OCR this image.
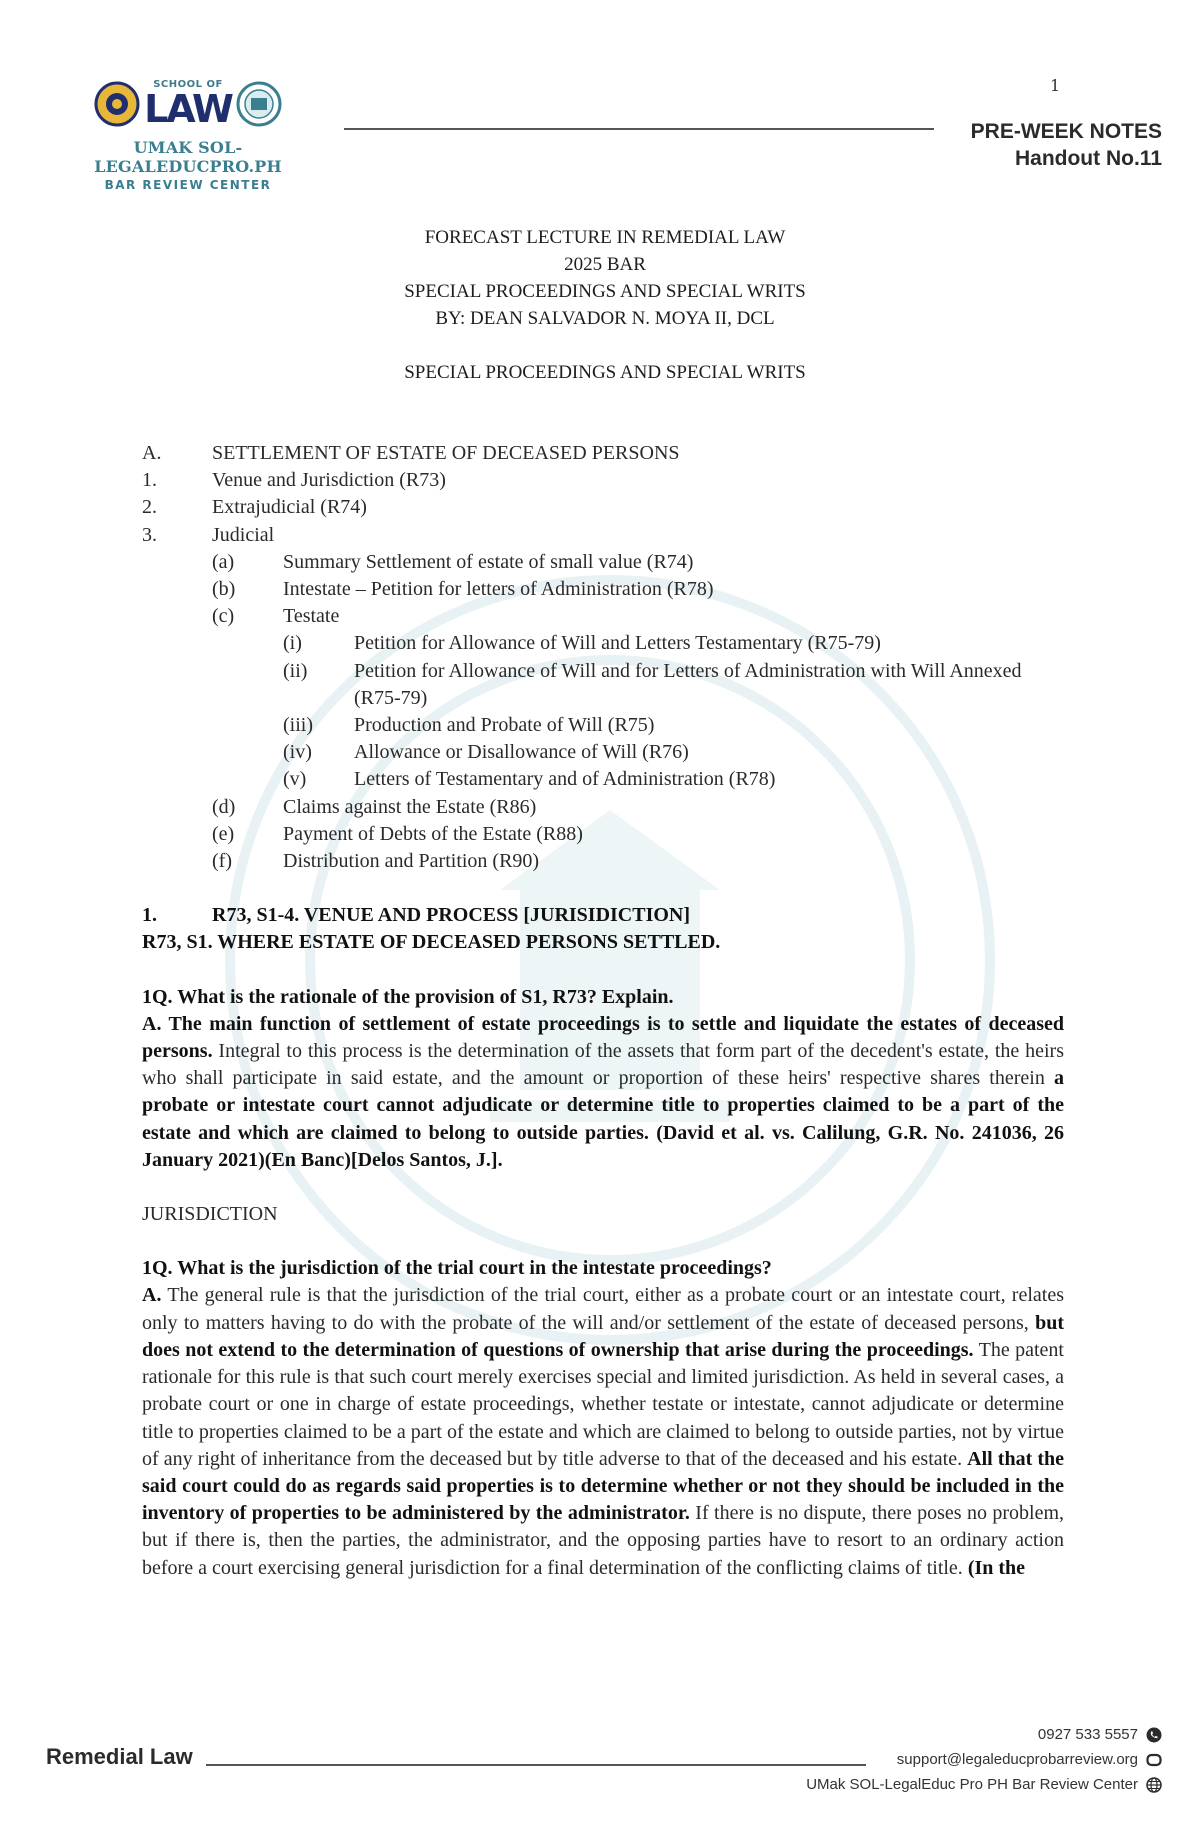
SCHOOL OF
LAW
UMAK SOL-LEGALEDUCPRO.PH
BAR REVIEW CENTER
1
PRE-WEEK NOTES
Handout No.11
FORECAST LECTURE IN REMEDIAL LAW
2025 BAR
SPECIAL PROCEEDINGS AND SPECIAL WRITS
BY: DEAN SALVADOR N. MOYA II, DCL
SPECIAL PROCEEDINGS AND SPECIAL WRITS
A.	SETTLEMENT OF ESTATE OF DECEASED PERSONS
1.	Venue and Jurisdiction (R73)
2.	Extrajudicial (R74)
3.	Judicial
(a)	Summary Settlement of estate of small value (R74)
(b)	Intestate – Petition for letters of Administration (R78)
(c)	Testate
(i)	Petition for Allowance of Will and Letters Testamentary (R75-79)
(ii)	Petition for Allowance of Will and for Letters of Administration with Will Annexed (R75-79)
(iii)	Production and Probate of Will (R75)
(iv)	Allowance or Disallowance of Will (R76)
(v)	Letters of Testamentary and of Administration (R78)
(d)	Claims against the Estate (R86)
(e)	Payment of Debts of the Estate (R88)
(f)	Distribution and Partition (R90)
1.	R73, S1-4. VENUE AND PROCESS [JURISIDICTION]
R73, S1. WHERE ESTATE OF DECEASED PERSONS SETTLED.
1Q. What is the rationale of the provision of S1, R73? Explain.
A. The main function of settlement of estate proceedings is to settle and liquidate the estates of deceased persons. Integral to this process is the determination of the assets that form part of the decedent's estate, the heirs who shall participate in said estate, and the amount or proportion of these heirs' respective shares therein a probate or intestate court cannot adjudicate or determine title to properties claimed to be a part of the estate and which are claimed to belong to outside parties. (David et al. vs. Calilung, G.R. No. 241036, 26 January 2021)(En Banc)[Delos Santos, J.].
JURISDICTION
1Q. What is the jurisdiction of the trial court in the intestate proceedings?
A. The general rule is that the jurisdiction of the trial court, either as a probate court or an intestate court, relates only to matters having to do with the probate of the will and/or settlement of the estate of deceased persons, but does not extend to the determination of questions of ownership that arise during the proceedings. The patent rationale for this rule is that such court merely exercises special and limited jurisdiction. As held in several cases, a probate court or one in charge of estate proceedings, whether testate or intestate, cannot adjudicate or determine title to properties claimed to be a part of the estate and which are claimed to belong to outside parties, not by virtue of any right of inheritance from the deceased but by title adverse to that of the deceased and his estate. All that the said court could do as regards said properties is to determine whether or not they should be included in the inventory of properties to be administered by the administrator. If there is no dispute, there poses no problem, but if there is, then the parties, the administrator, and the opposing parties have to resort to an ordinary action before a court exercising general jurisdiction for a final determination of the conflicting claims of title. (In the
Remedial Law
0927 533 5557
support@legaleducprobarreview.org
UMak SOL-LegalEduc Pro PH Bar Review Center
